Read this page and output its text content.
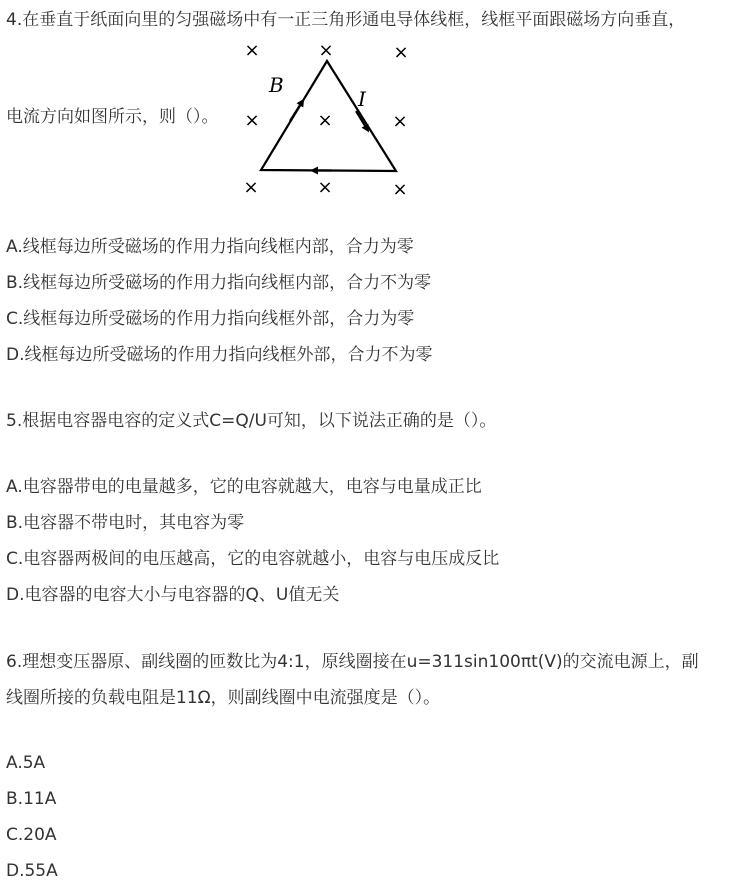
4.在垂直于纸面向里的匀强磁场中有一正三角形通电导体线框，线框平面跟磁场方向垂直，
×	×	×
×	×	×
×	×	×
B
I
电流方向如图所示，则（）。
A.线框每边所受磁场的作用力指向线框内部，合力为零
B.线框每边所受磁场的作用力指向线框内部，合力不为零
C.线框每边所受磁场的作用力指向线框外部，合力为零
D.线框每边所受磁场的作用力指向线框外部，合力不为零
5.根据电容器电容的定义式C=Q/U可知，以下说法正确的是（）。
A.电容器带电的电量越多，它的电容就越大，电容与电量成正比
B.电容器不带电时，其电容为零
C.电容器两极间的电压越高，它的电容就越小，电容与电压成反比
D.电容器的电容大小与电容器的Q、U值无关
6.理想变压器原、副线圈的匝数比为4:1，原线圈接在u=311sin100πt(V)的交流电源上，副
线圈所接的负载电阻是11Ω，则副线圈中电流强度是（）。
A.5A
B.11A
C.20A
D.55A
